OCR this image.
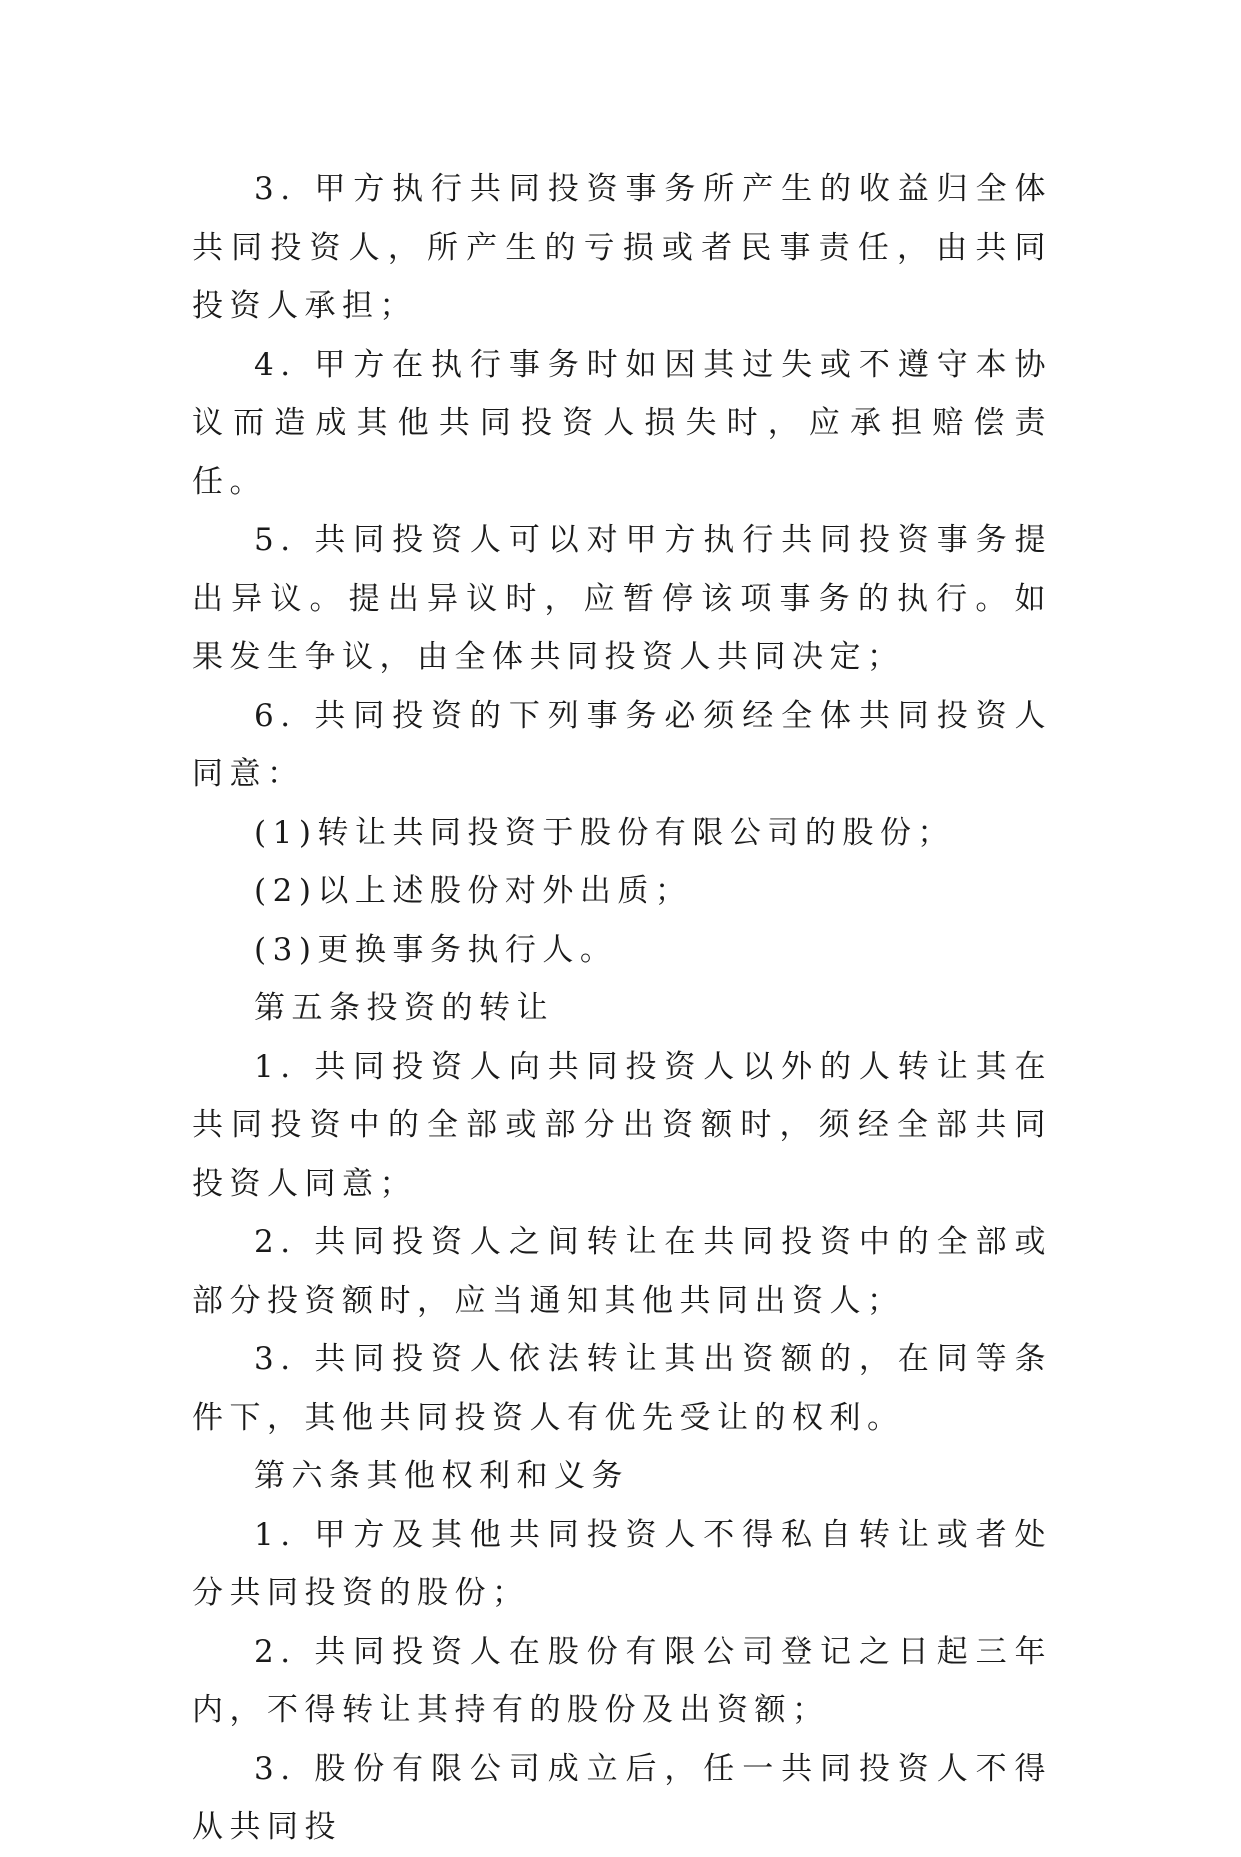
3. 甲方执行共同投资事务所产生的收益归全体共同投资人，所产生的亏损或者民事责任，由共同投资人承担；

4. 甲方在执行事务时如因其过失或不遵守本协议而造成其他共同投资人损失时，应承担赔偿责任。

5. 共同投资人可以对甲方执行共同投资事务提出异议。提出异议时，应暂停该项事务的执行。如果发生争议，由全体共同投资人共同决定；

6. 共同投资的下列事务必须经全体共同投资人同意：

(1)转让共同投资于股份有限公司的股份；

(2)以上述股份对外出质；

(3)更换事务执行人。

第五条投资的转让

1. 共同投资人向共同投资人以外的人转让其在共同投资中的全部或部分出资额时，须经全部共同投资人同意；

2. 共同投资人之间转让在共同投资中的全部或部分投资额时，应当通知其他共同出资人；

3. 共同投资人依法转让其出资额的，在同等条件下，其他共同投资人有优先受让的权利。

第六条其他权利和义务

1. 甲方及其他共同投资人不得私自转让或者处分共同投资的股份；

2. 共同投资人在股份有限公司登记之日起三年内，不得转让其持有的股份及出资额；

3. 股份有限公司成立后，任一共同投资人不得从共同投
